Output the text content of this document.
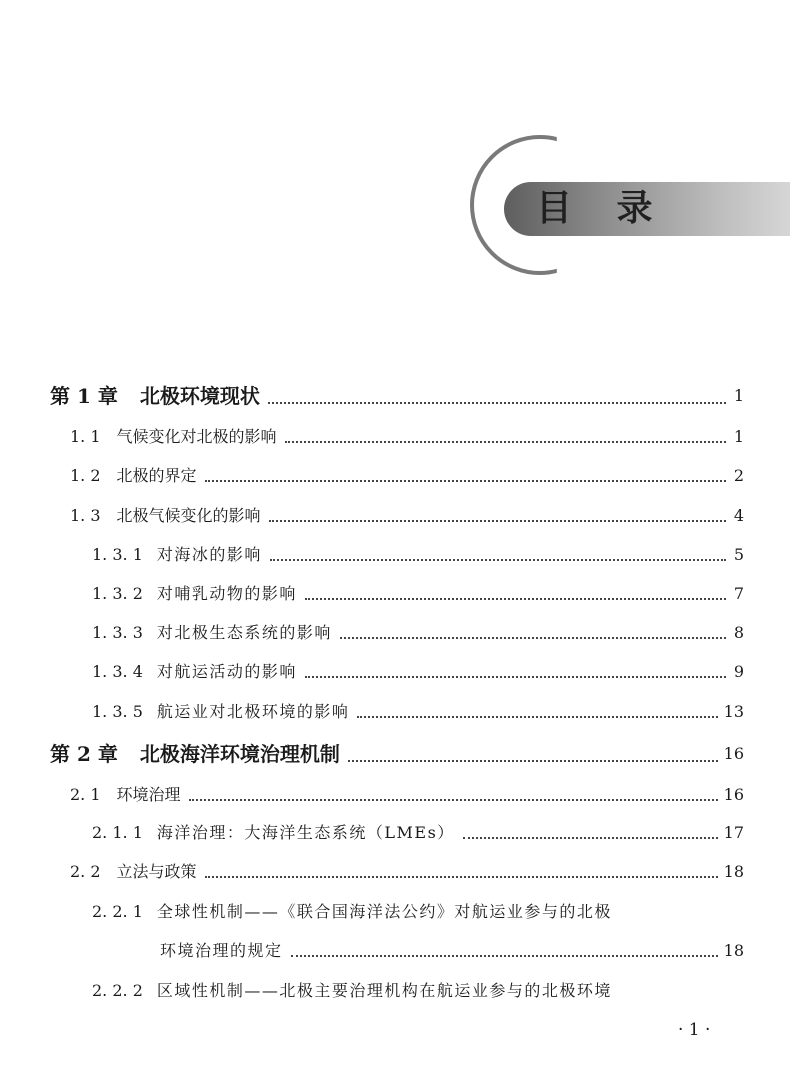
目 录
第 1 章 北极环境现状	1
1. 1 气候变化对北极的影响	1
1. 2 北极的界定	2
1. 3 北极气候变化的影响	4
1. 3. 1 对海冰的影响	5
1. 3. 2 对哺乳动物的影响	7
1. 3. 3 对北极生态系统的影响	8
1. 3. 4 对航运活动的影响	9
1. 3. 5 航运业对北极环境的影响	13
第 2 章 北极海洋环境治理机制	16
2. 1 环境治理	16
2. 1. 1 海洋治理：大海洋生态系统（LMEs）	17
2. 2 立法与政策	18
2. 2. 1 全球性机制——《联合国海洋法公约》对航运业参与的北极
环境治理的规定	18
2. 2. 2 区域性机制——北极主要治理机构在航运业参与的北极环境
· 1 ·
